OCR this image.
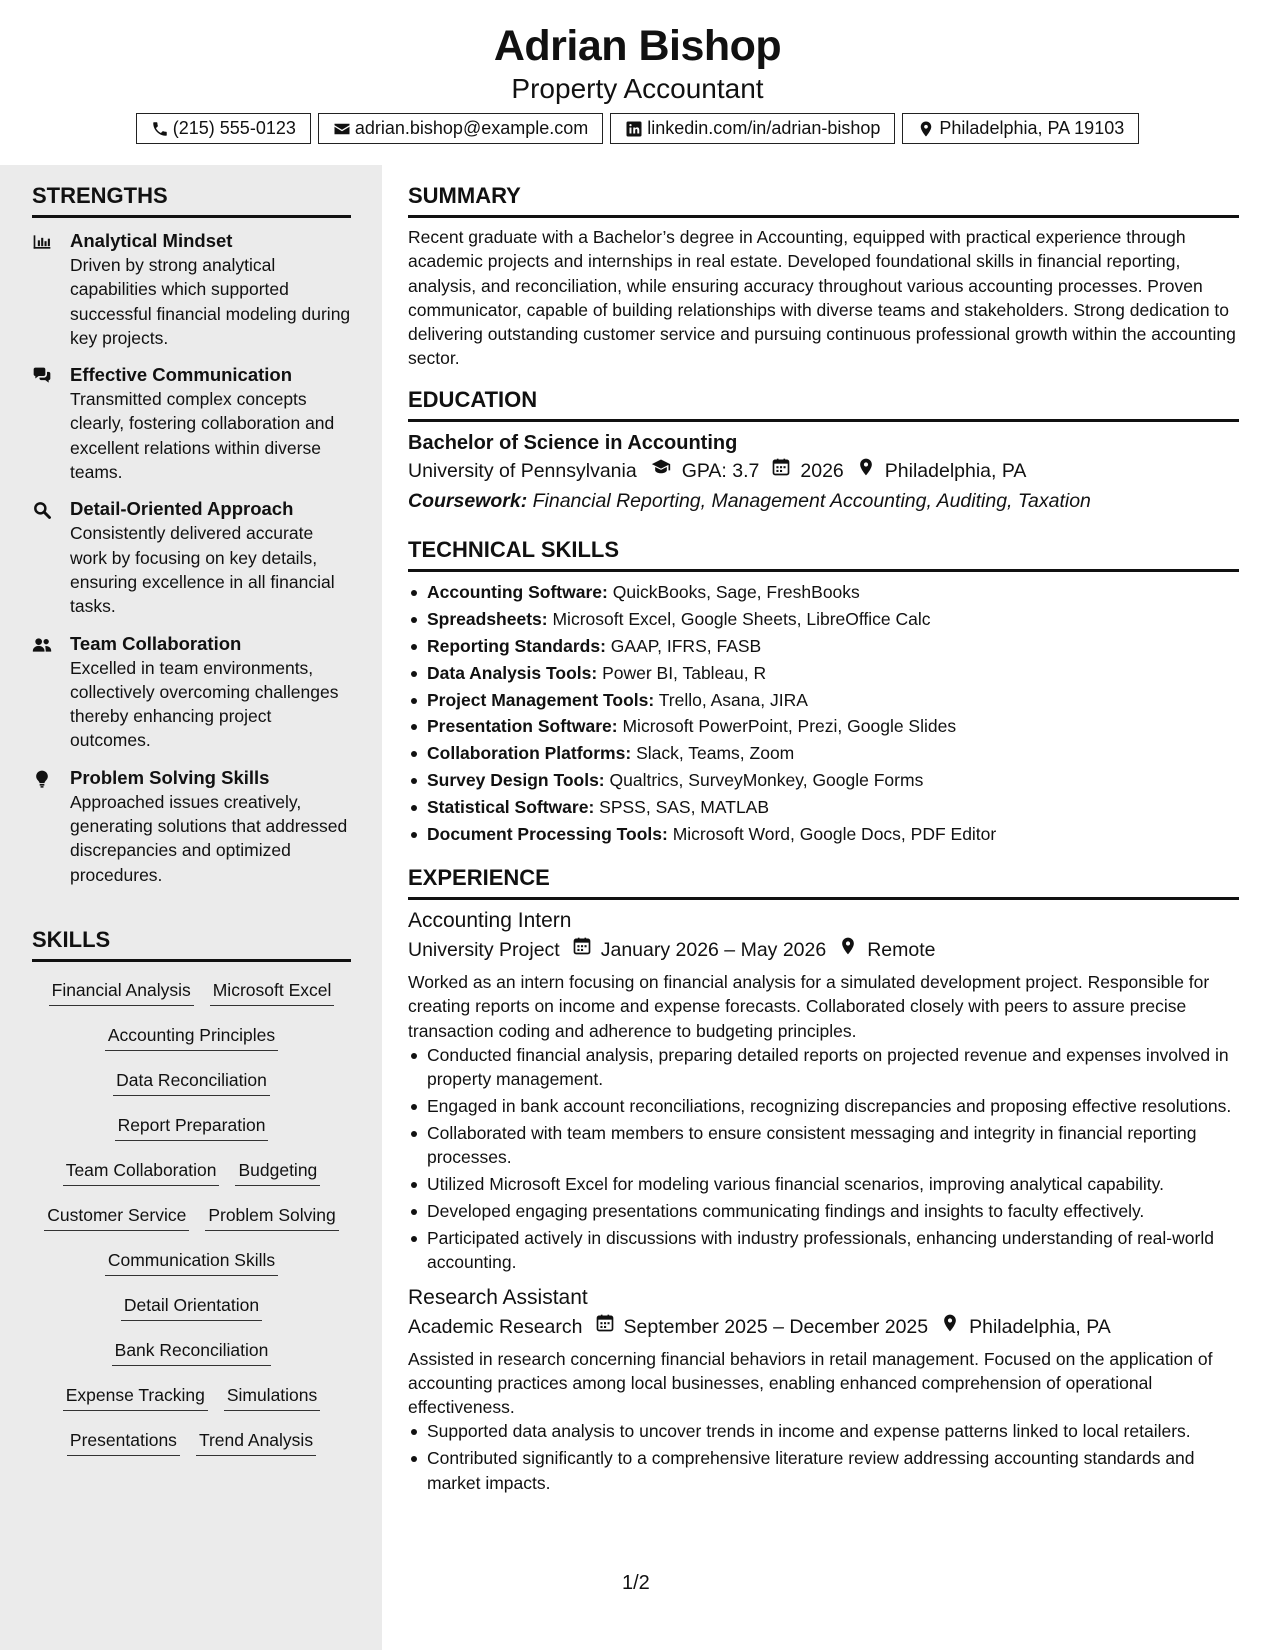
Adrian Bishop
Property Accountant
(215) 555-0123	adrian.bishop@example.com	linkedin.com/in/adrian-bishop	Philadelphia, PA 19103
STRENGTHS
Analytical Mindset
Driven by strong analytical capabilities which supported successful financial modeling during key projects.
Effective Communication
Transmitted complex concepts clearly, fostering collaboration and excellent relations within diverse teams.
Detail-Oriented Approach
Consistently delivered accurate work by focusing on key details, ensuring excellence in all financial tasks.
Team Collaboration
Excelled in team environments, collectively overcoming challenges thereby enhancing project outcomes.
Problem Solving Skills
Approached issues creatively, generating solutions that addressed discrepancies and optimized procedures.
SKILLS
Financial Analysis Microsoft Excel
Accounting Principles
Data Reconciliation
Report Preparation
Team Collaboration Budgeting
Customer Service Problem Solving
Communication Skills
Detail Orientation
Bank Reconciliation
Expense Tracking Simulations
Presentations Trend Analysis
SUMMARY
Recent graduate with a Bachelor’s degree in Accounting, equipped with practical experience through academic projects and internships in real estate. Developed foundational skills in financial reporting, analysis, and reconciliation, while ensuring accuracy throughout various accounting processes. Proven communicator, capable of building relationships with diverse teams and stakeholders. Strong dedication to delivering outstanding customer service and pursuing continuous professional growth within the accounting sector.
EDUCATION
Bachelor of Science in Accounting
University of Pennsylvania GPA: 3.7 2026 Philadelphia, PA
Coursework: Financial Reporting, Management Accounting, Auditing, Taxation
TECHNICAL SKILLS
Accounting Software: QuickBooks, Sage, FreshBooks
Spreadsheets: Microsoft Excel, Google Sheets, LibreOffice Calc
Reporting Standards: GAAP, IFRS, FASB
Data Analysis Tools: Power BI, Tableau, R
Project Management Tools: Trello, Asana, JIRA
Presentation Software: Microsoft PowerPoint, Prezi, Google Slides
Collaboration Platforms: Slack, Teams, Zoom
Survey Design Tools: Qualtrics, SurveyMonkey, Google Forms
Statistical Software: SPSS, SAS, MATLAB
Document Processing Tools: Microsoft Word, Google Docs, PDF Editor
EXPERIENCE
Accounting Intern
University Project January 2026 – May 2026 Remote
Worked as an intern focusing on financial analysis for a simulated development project. Responsible for creating reports on income and expense forecasts. Collaborated closely with peers to assure precise transaction coding and adherence to budgeting principles.
Conducted financial analysis, preparing detailed reports on projected revenue and expenses involved in property management.
Engaged in bank account reconciliations, recognizing discrepancies and proposing effective resolutions.
Collaborated with team members to ensure consistent messaging and integrity in financial reporting processes.
Utilized Microsoft Excel for modeling various financial scenarios, improving analytical capability.
Developed engaging presentations communicating findings and insights to faculty effectively.
Participated actively in discussions with industry professionals, enhancing understanding of real-world accounting.
Research Assistant
Academic Research September 2025 – December 2025 Philadelphia, PA
Assisted in research concerning financial behaviors in retail management. Focused on the application of accounting practices among local businesses, enabling enhanced comprehension of operational effectiveness.
Supported data analysis to uncover trends in income and expense patterns linked to local retailers.
Contributed significantly to a comprehensive literature review addressing accounting standards and market impacts.
1/2
